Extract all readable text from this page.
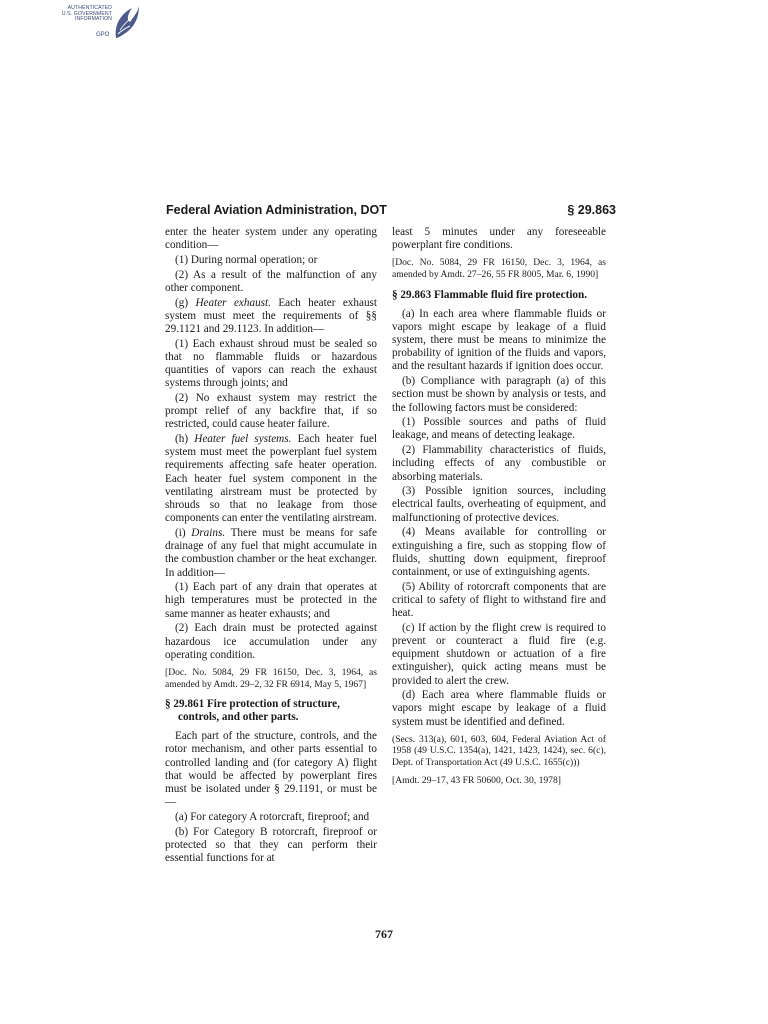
AUTHENTICATED
U.S. GOVERNMENT
INFORMATION
GPO
Federal Aviation Administration, DOT	§ 29.863

enter the heater system under any operating condition—

(1) During normal operation; or

(2) As a result of the malfunction of any other component.

(g) Heater exhaust. Each heater exhaust system must meet the requirements of §§ 29.1121 and 29.1123. In addition—

(1) Each exhaust shroud must be sealed so that no flammable fluids or hazardous quantities of vapors can reach the exhaust systems through joints; and

(2) No exhaust system may restrict the prompt relief of any backfire that, if so restricted, could cause heater failure.

(h) Heater fuel systems. Each heater fuel system must meet the powerplant fuel system requirements affecting safe heater operation. Each heater fuel system component in the ventilating airstream must be protected by shrouds so that no leakage from those components can enter the ventilating airstream.

(i) Drains. There must be means for safe drainage of any fuel that might accumulate in the combustion chamber or the heat exchanger. In addition—

(1) Each part of any drain that operates at high temperatures must be protected in the same manner as heater exhausts; and

(2) Each drain must be protected against hazardous ice accumulation under any operating condition.

[Doc. No. 5084, 29 FR 16150, Dec. 3, 1964, as amended by Amdt. 29–2, 32 FR 6914, May 5, 1967]

§ 29.861 Fire protection of structure, controls, and other parts.

Each part of the structure, controls, and the rotor mechanism, and other parts essential to controlled landing and (for category A) flight that would be affected by powerplant fires must be isolated under § 29.1191, or must be—

(a) For category A rotorcraft, fireproof; and

(b) For Category B rotorcraft, fireproof or protected so that they can perform their essential functions for at

least 5 minutes under any foreseeable powerplant fire conditions.

[Doc. No. 5084, 29 FR 16150, Dec. 3, 1964, as amended by Amdt. 27–26, 55 FR 8005, Mar. 6, 1990]

§ 29.863 Flammable fluid fire protection.

(a) In each area where flammable fluids or vapors might escape by leakage of a fluid system, there must be means to minimize the probability of ignition of the fluids and vapors, and the resultant hazards if ignition does occur.

(b) Compliance with paragraph (a) of this section must be shown by analysis or tests, and the following factors must be considered:

(1) Possible sources and paths of fluid leakage, and means of detecting leakage.

(2) Flammability characteristics of fluids, including effects of any combustible or absorbing materials.

(3) Possible ignition sources, including electrical faults, overheating of equipment, and malfunctioning of protective devices.

(4) Means available for controlling or extinguishing a fire, such as stopping flow of fluids, shutting down equipment, fireproof containment, or use of extinguishing agents.

(5) Ability of rotorcraft components that are critical to safety of flight to withstand fire and heat.

(c) If action by the flight crew is required to prevent or counteract a fluid fire (e.g. equipment shutdown or actuation of a fire extinguisher), quick acting means must be provided to alert the crew.

(d) Each area where flammable fluids or vapors might escape by leakage of a fluid system must be identified and defined.

(Secs. 313(a), 601, 603, 604, Federal Aviation Act of 1958 (49 U.S.C. 1354(a), 1421, 1423, 1424), sec. 6(c), Dept. of Transportation Act (49 U.S.C. 1655(c)))

[Amdt. 29–17, 43 FR 50600, Oct. 30, 1978]

767
